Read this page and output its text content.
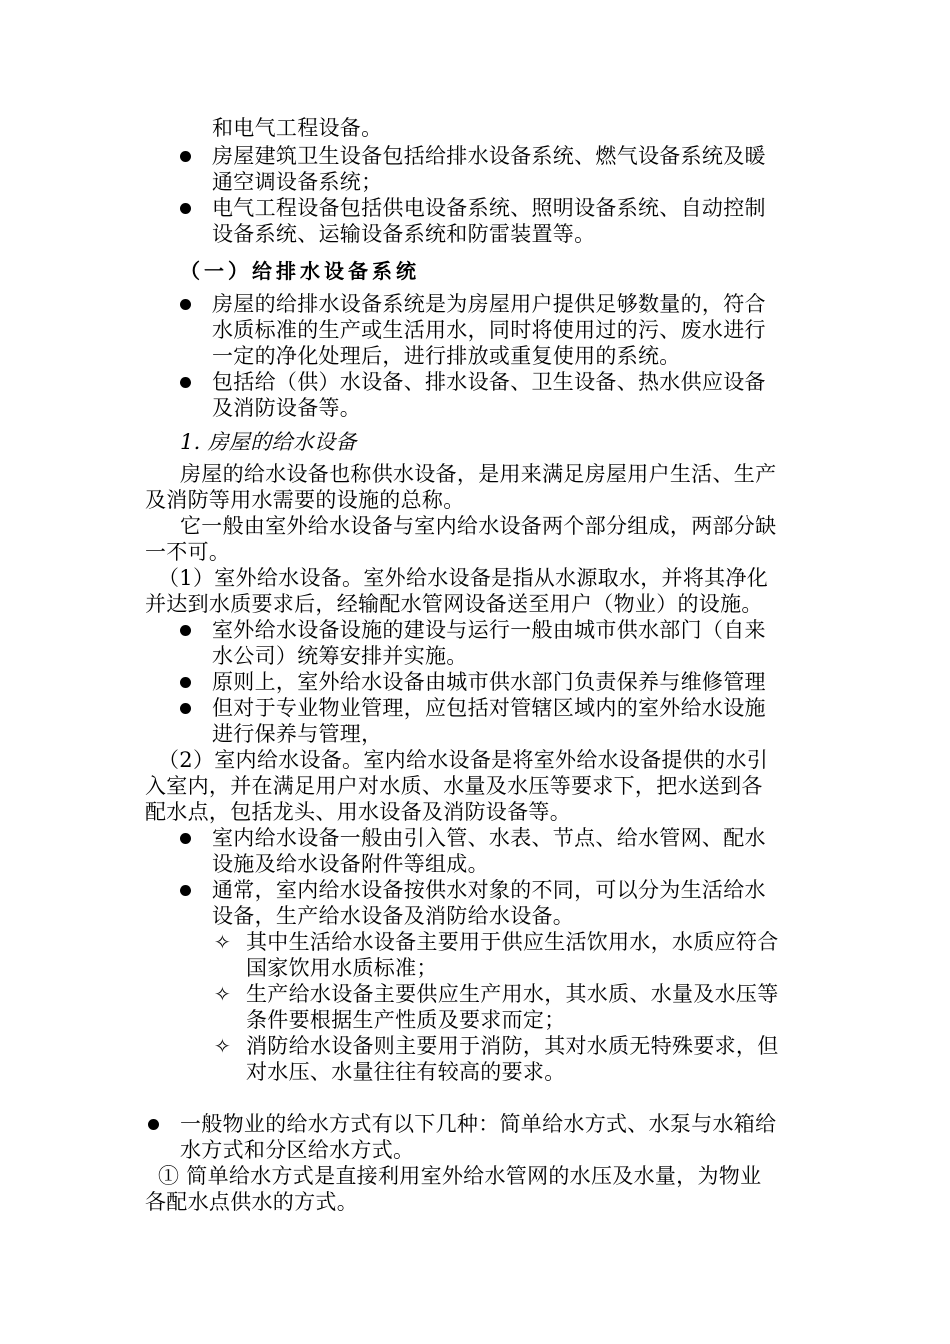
和电气工程设备。
房屋建筑卫生设备包括给排水设备系统、燃气设备系统及暖
通空调设备系统；
电气工程设备包括供电设备系统、照明设备系统、自动控制
设备系统、运输设备系统和防雷装置等。
（一）给排水设备系统
房屋的给排水设备系统是为房屋用户提供足够数量的，符合
水质标准的生产或生活用水，同时将使用过的污、废水进行
一定的净化处理后，进行排放或重复使用的系统。
包括给（供）水设备、排水设备、卫生设备、热水供应设备
及消防设备等。
1. 房屋的给水设备
房屋的给水设备也称供水设备，是用来满足房屋用户生活、生产
及消防等用水需要的设施的总称。
它一般由室外给水设备与室内给水设备两个部分组成，两部分缺
一不可。
（1）室外给水设备。室外给水设备是指从水源取水，并将其净化
并达到水质要求后，经输配水管网设备送至用户（物业）的设施。
室外给水设备设施的建设与运行一般由城市供水部门（自来
水公司）统筹安排并实施。
原则上，室外给水设备由城市供水部门负责保养与维修管理
但对于专业物业管理，应包括对管辖区域内的室外给水设施
进行保养与管理，
（2）室内给水设备。室内给水设备是将室外给水设备提供的水引
入室内，并在满足用户对水质、水量及水压等要求下，把水送到各
配水点，包括龙头、用水设备及消防设备等。
室内给水设备一般由引入管、水表、节点、给水管网、配水
设施及给水设备附件等组成。
通常，室内给水设备按供水对象的不同，可以分为生活给水
设备，生产给水设备及消防给水设备。
✧ 其中生活给水设备主要用于供应生活饮用水，水质应符合
国家饮用水质标准；
✧ 生产给水设备主要供应生产用水，其水质、水量及水压等
条件要根据生产性质及要求而定；
✧ 消防给水设备则主要用于消防，其对水质无特殊要求，但
对水压、水量往往有较高的要求。
一般物业的给水方式有以下几种：简单给水方式、水泵与水箱给
水方式和分区给水方式。
① 简单给水方式是直接利用室外给水管网的水压及水量，为物业
各配水点供水的方式。
